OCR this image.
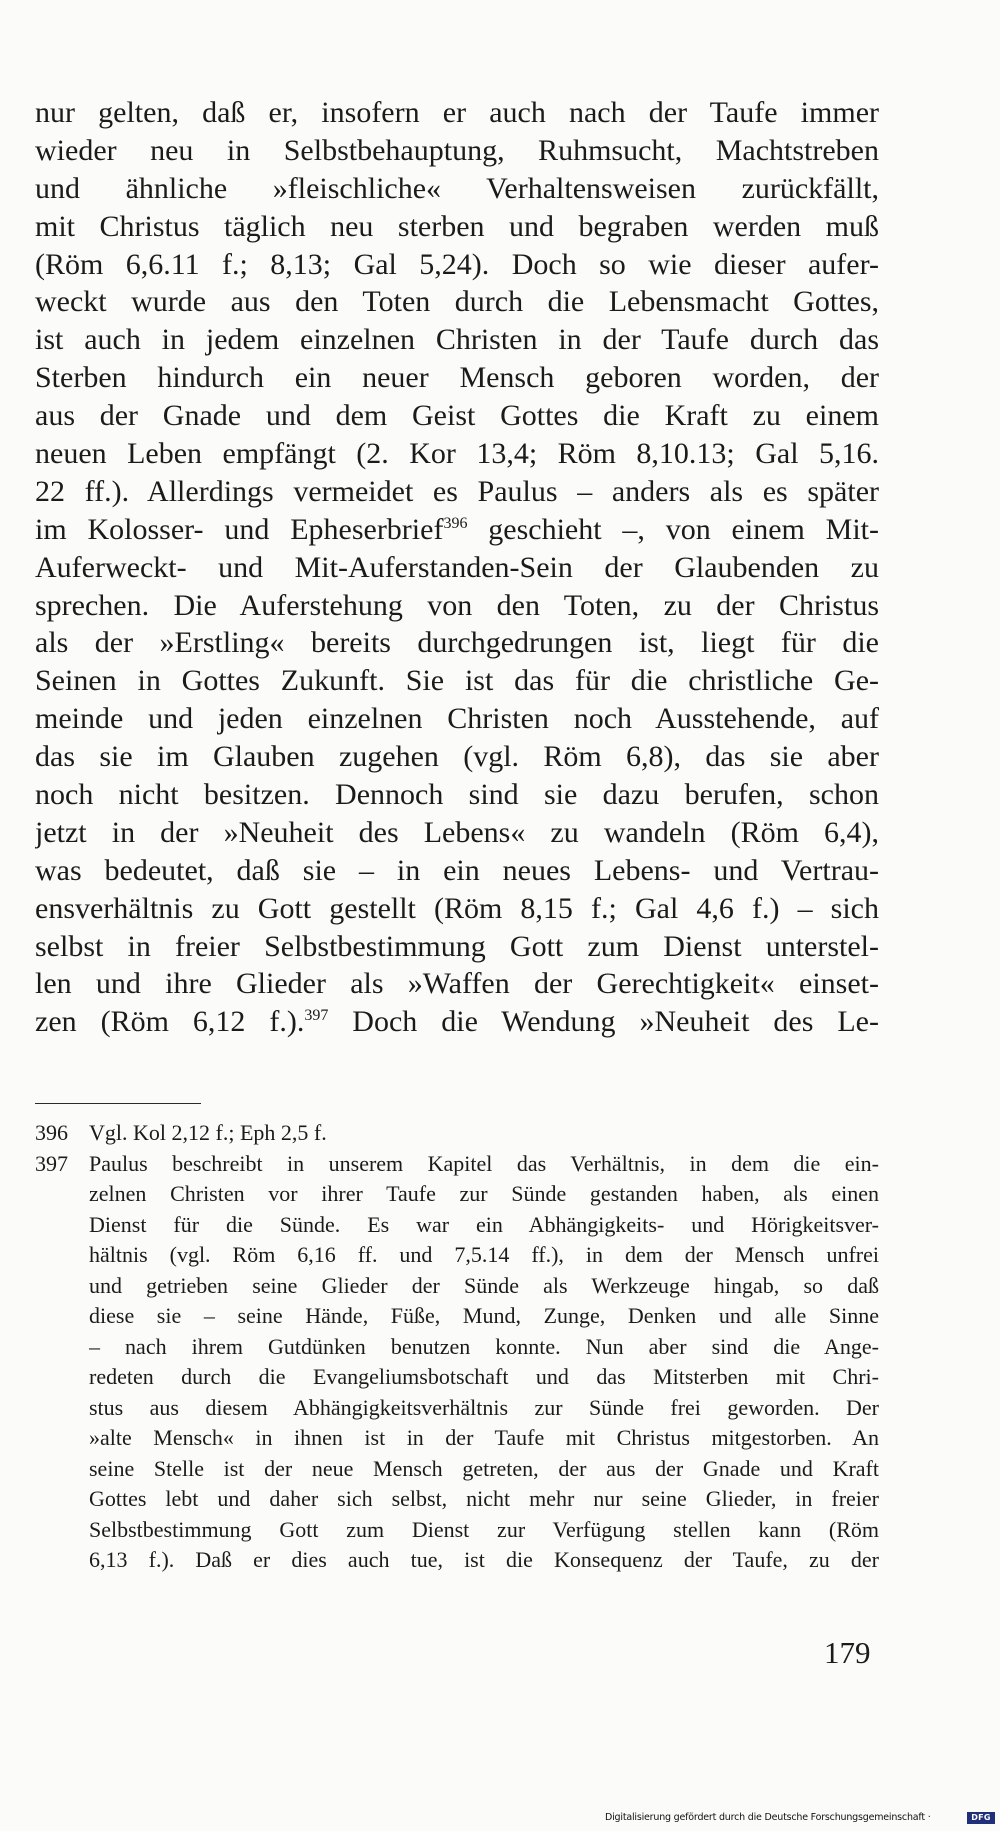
nur gelten, daß er, insofern er auch nach der Taufe immer
wieder neu in Selbstbehauptung, Ruhmsucht, Machtstreben
und ähnliche »fleischliche« Verhaltensweisen zurückfällt,
mit Christus täglich neu sterben und begraben werden muß
(Röm 6,6.11 f.; 8,13; Gal 5,24). Doch so wie dieser aufer-
weckt wurde aus den Toten durch die Lebensmacht Gottes,
ist auch in jedem einzelnen Christen in der Taufe durch das
Sterben hindurch ein neuer Mensch geboren worden, der
aus der Gnade und dem Geist Gottes die Kraft zu einem
neuen Leben empfängt (2. Kor 13,4; Röm 8,10.13; Gal 5,16.
22 ff.). Allerdings vermeidet es Paulus – anders als es später
im Kolosser- und Epheserbrief$^{396}$ geschieht –, von einem Mit-
Auferweckt- und Mit-Auferstanden-Sein der Glaubenden zu
sprechen. Die Auferstehung von den Toten, zu der Christus
als der »Erstling« bereits durchgedrungen ist, liegt für die
Seinen in Gottes Zukunft. Sie ist das für die christliche Ge-
meinde und jeden einzelnen Christen noch Ausstehende, auf
das sie im Glauben zugehen (vgl. Röm 6,8), das sie aber
noch nicht besitzen. Dennoch sind sie dazu berufen, schon
jetzt in der »Neuheit des Lebens« zu wandeln (Röm 6,4),
was bedeutet, daß sie – in ein neues Lebens- und Vertrau-
ensverhältnis zu Gott gestellt (Röm 8,15 f.; Gal 4,6 f.) – sich
selbst in freier Selbstbestimmung Gott zum Dienst unterstel-
len und ihre Glieder als »Waffen der Gerechtigkeit« einset-
zen (Röm 6,12 f.).$^{397}$ Doch die Wendung »Neuheit des Le-
396 Vgl. Kol 2,12 f.; Eph 2,5 f.
397 Paulus beschreibt in unserem Kapitel das Verhältnis, in dem die ein-
zelnen Christen vor ihrer Taufe zur Sünde gestanden haben, als einen
Dienst für die Sünde. Es war ein Abhängigkeits- und Hörigkeitsver-
hältnis (vgl. Röm 6,16 ff. und 7,5.14 ff.), in dem der Mensch unfrei
und getrieben seine Glieder der Sünde als Werkzeuge hingab, so daß
diese sie – seine Hände, Füße, Mund, Zunge, Denken und alle Sinne
– nach ihrem Gutdünken benutzen konnte. Nun aber sind die Ange-
redeten durch die Evangeliumsbotschaft und das Mitsterben mit Chri-
stus aus diesem Abhängigkeitsverhältnis zur Sünde frei geworden. Der
»alte Mensch« in ihnen ist in der Taufe mit Christus mitgestorben. An
seine Stelle ist der neue Mensch getreten, der aus der Gnade und Kraft
Gottes lebt und daher sich selbst, nicht mehr nur seine Glieder, in freier
Selbstbestimmung Gott zum Dienst zur Verfügung stellen kann (Röm
6,13 f.). Daß er dies auch tue, ist die Konsequenz der Taufe, zu der
179
Digitalisierung gefördert durch die Deutsche Forschungsgemeinschaft ·	DFG
